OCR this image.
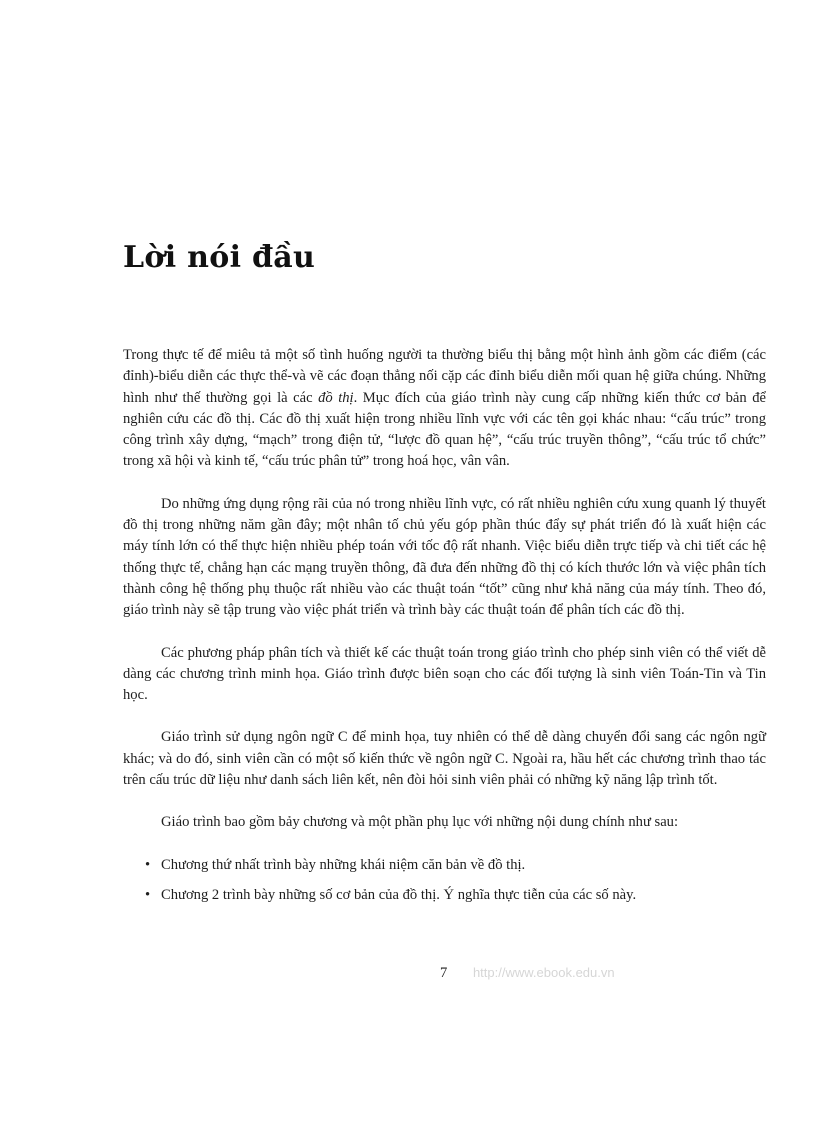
Lời nói đầu

Trong thực tế để miêu tả một số tình huống người ta thường biểu thị bằng một hình ảnh gồm các điểm (các đỉnh)-biểu diễn các thực thể-và vẽ các đoạn thẳng nối cặp các đỉnh biểu diễn mối quan hệ giữa chúng. Những hình như thế thường gọi là các đồ thị. Mục đích của giáo trình này cung cấp những kiến thức cơ bản để nghiên cứu các đồ thị. Các đồ thị xuất hiện trong nhiều lĩnh vực với các tên gọi khác nhau: “cấu trúc” trong công trình xây dựng, “mạch” trong điện tử, “lược đồ quan hệ”, “cấu trúc truyền thông”, “cấu trúc tổ chức” trong xã hội và kinh tế, “cấu trúc phân tử” trong hoá học, vân vân.

Do những ứng dụng rộng rãi của nó trong nhiều lĩnh vực, có rất nhiều nghiên cứu xung quanh lý thuyết đồ thị trong những năm gần đây; một nhân tố chủ yếu góp phần thúc đẩy sự phát triển đó là xuất hiện các máy tính lớn có thể thực hiện nhiều phép toán với tốc độ rất nhanh. Việc biểu diễn trực tiếp và chi tiết các hệ thống thực tế, chẳng hạn các mạng truyền thông, đã đưa đến những đồ thị có kích thước lớn và việc phân tích thành công hệ thống phụ thuộc rất nhiều vào các thuật toán “tốt” cũng như khả năng của máy tính. Theo đó, giáo trình này sẽ tập trung vào việc phát triển và trình bày các thuật toán để phân tích các đồ thị.

Các phương pháp phân tích và thiết kế các thuật toán trong giáo trình cho phép sinh viên có thể viết dễ dàng các chương trình minh họa. Giáo trình được biên soạn cho các đối tượng là sinh viên Toán-Tin và Tin học.

Giáo trình sử dụng ngôn ngữ C để minh họa, tuy nhiên có thể dễ dàng chuyển đổi sang các ngôn ngữ khác; và do đó, sinh viên cần có một số kiến thức về ngôn ngữ C. Ngoài ra, hầu hết các chương trình thao tác trên cấu trúc dữ liệu như danh sách liên kết, nên đòi hỏi sinh viên phải có những kỹ năng lập trình tốt.

Giáo trình bao gồm bảy chương và một phần phụ lục với những nội dung chính như sau:

• Chương thứ nhất trình bày những khái niệm căn bản về đồ thị.
• Chương 2 trình bày những số cơ bản của đồ thị. Ý nghĩa thực tiễn của các số này.
7 http://www.ebook.edu.vn
